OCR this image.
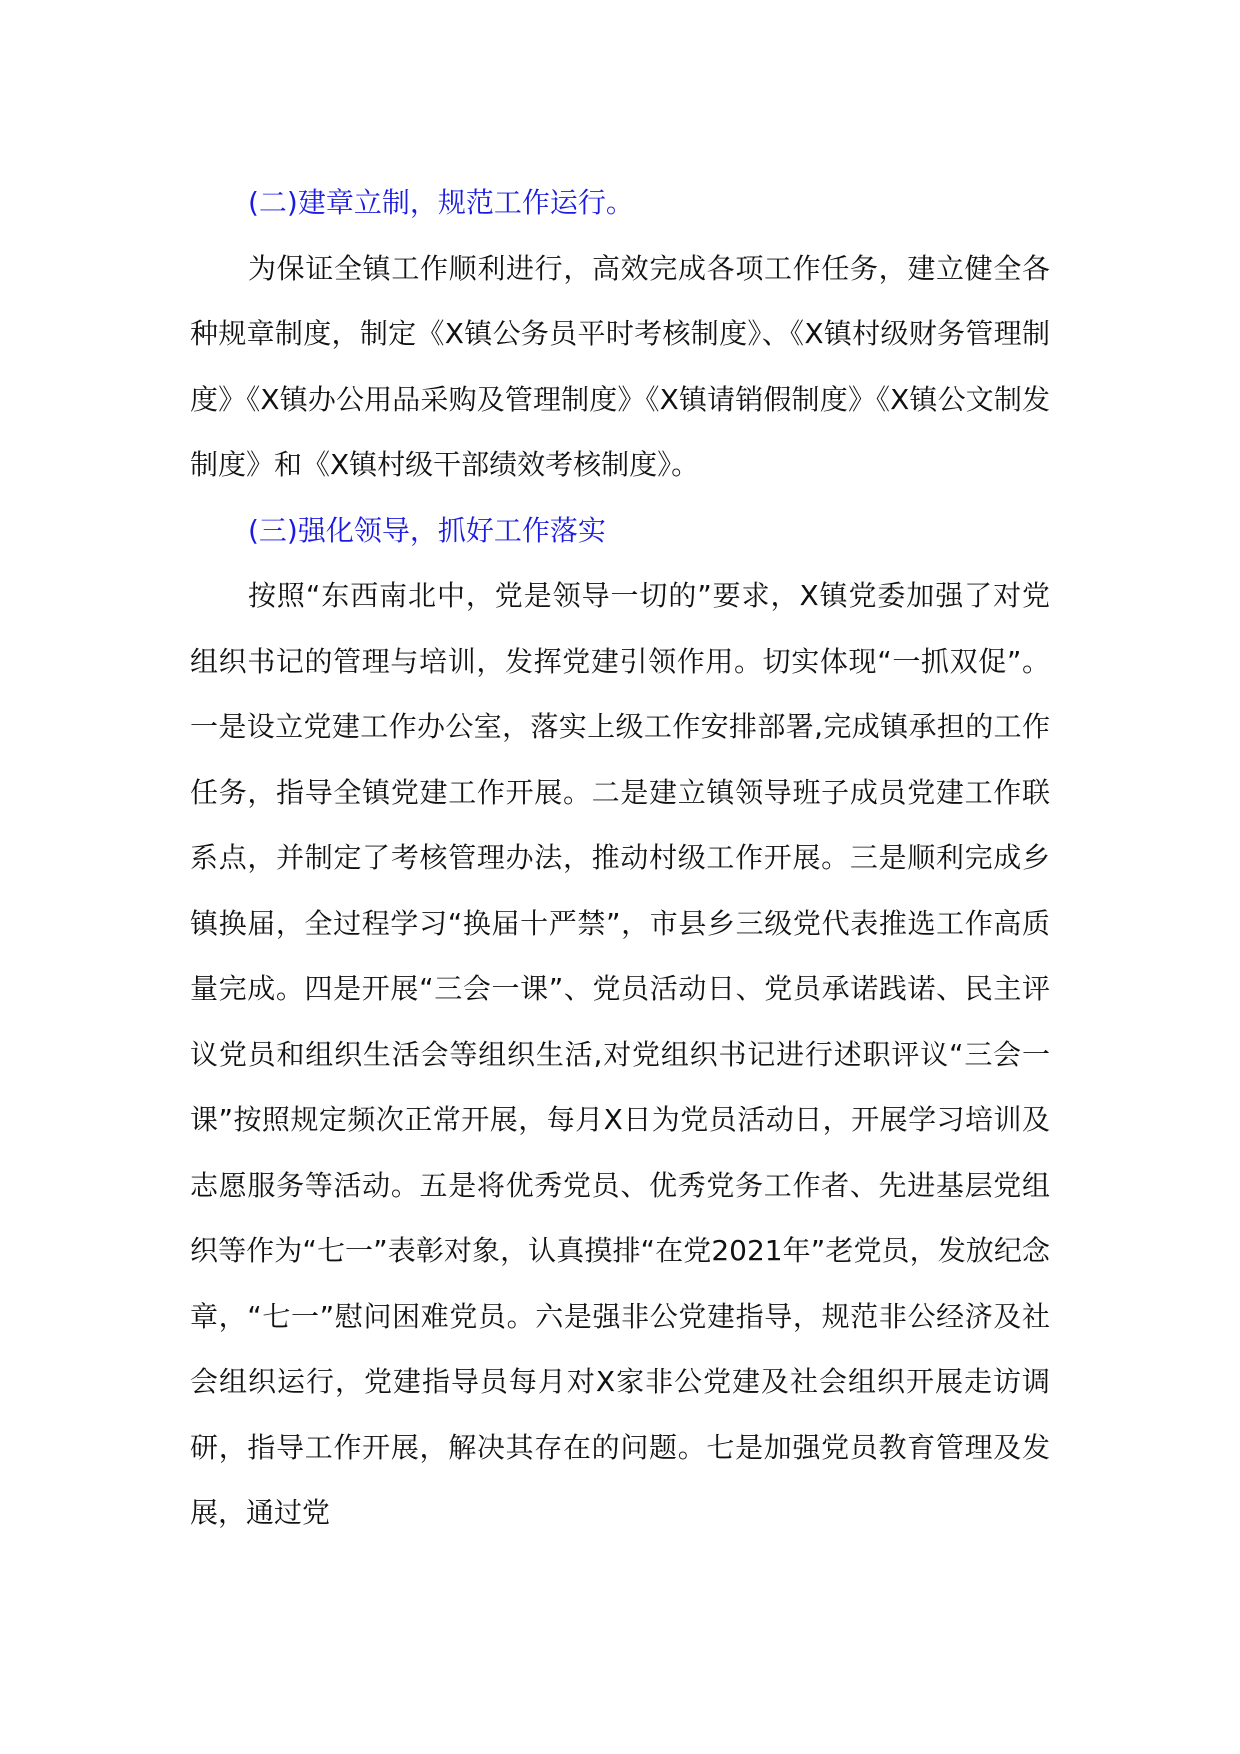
(二)建章立制，规范工作运行。

为保证全镇工作顺利进行，高效完成各项工作任务，建立健全各种规章制度，制定《X镇公务员平时考核制度》、《X镇村级财务管理制度》《X镇办公用品采购及管理制度》《X镇请销假制度》《X镇公文制发制度》和《X镇村级干部绩效考核制度》。

(三)强化领导，抓好工作落实

按照“东西南北中，党是领导一切的”要求，X镇党委加强了对党组织书记的管理与培训，发挥党建引领作用。切实体现“一抓双促”。一是设立党建工作办公室，落实上级工作安排部署,完成镇承担的工作任务，指导全镇党建工作开展。二是建立镇领导班子成员党建工作联系点，并制定了考核管理办法，推动村级工作开展。三是顺利完成乡镇换届，全过程学习“换届十严禁”，市县乡三级党代表推选工作高质量完成。四是开展“三会一课”、党员活动日、党员承诺践诺、民主评议党员和组织生活会等组织生活,对党组织书记进行述职评议“三会一课”按照规定频次正常开展，每月X日为党员活动日，开展学习培训及志愿服务等活动。五是将优秀党员、优秀党务工作者、先进基层党组织等作为“七一”表彰对象，认真摸排“在党2021年”老党员，发放纪念章，“七一”慰问困难党员。六是强非公党建指导，规范非公经济及社会组织运行，党建指导员每月对X家非公党建及社会组织开展走访调研，指导工作开展，解决其存在的问题。七是加强党员教育管理及发展，通过党
